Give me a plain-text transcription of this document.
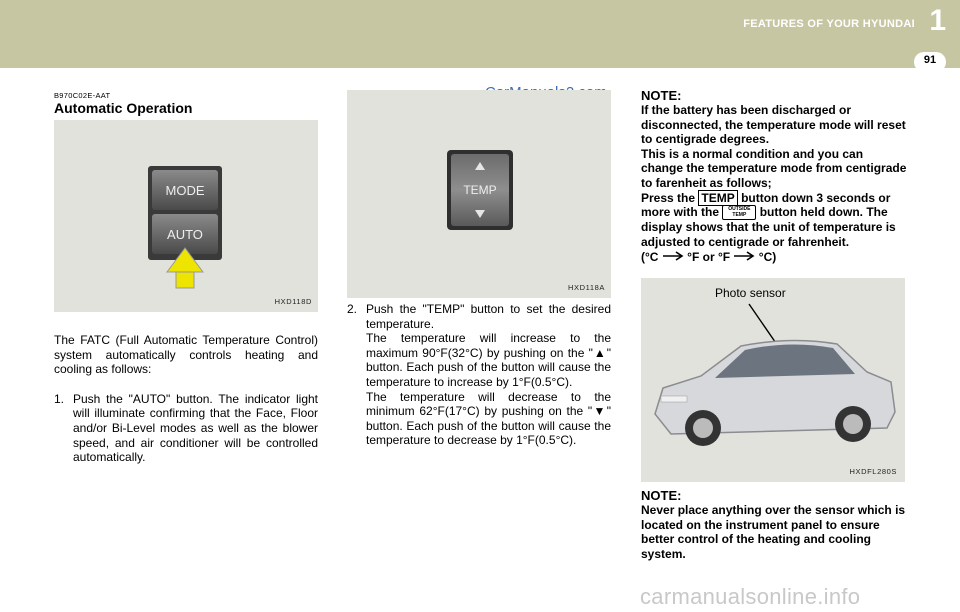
FEATURES OF YOUR HYUNDAI 1
91
B970C02E-AAT
Automatic Operation
MODE
AUTO
HXD118D

The FATC (Full Automatic Temperature Control) system automatically controls heating and cooling as follows:

1. Push the "AUTO" button. The indicator light will illuminate confirming that the Face, Floor and/or Bi-Level modes as well as the blower speed, and air conditioner will be controlled automatically.
TEMP
HXD118A
2. Push the "TEMP" button to set the desired temperature.

The temperature will increase to the maximum 90°F(32°C) by pushing on the "▲" button. Each push of the button will cause the temperature to increase by 1°F(0.5°C).

The temperature will decrease to the minimum 62°F(17°C) by pushing on the "▼" button. Each push of the button will cause the temperature to decrease by 1°F(0.5°C).

NOTE:
If the battery has been discharged or disconnected, the temperature mode will reset to centigrade degrees.
This is a normal condition and you can change the temperature mode from centigrade to farenheit as follows;
Press the TEMP button down 3 seconds or more with the OUTSIDE
TEMP button held down. The display shows that the unit of temperature is adjusted to centigrade or fahrenheit.
(°C °F or °F °C)
Photo sensor
HXDFL280S
NOTE:
Never place anything over the sensor which is located on the instrument panel to ensure better control of the heating and cooling system.
carmanualsonline.info
